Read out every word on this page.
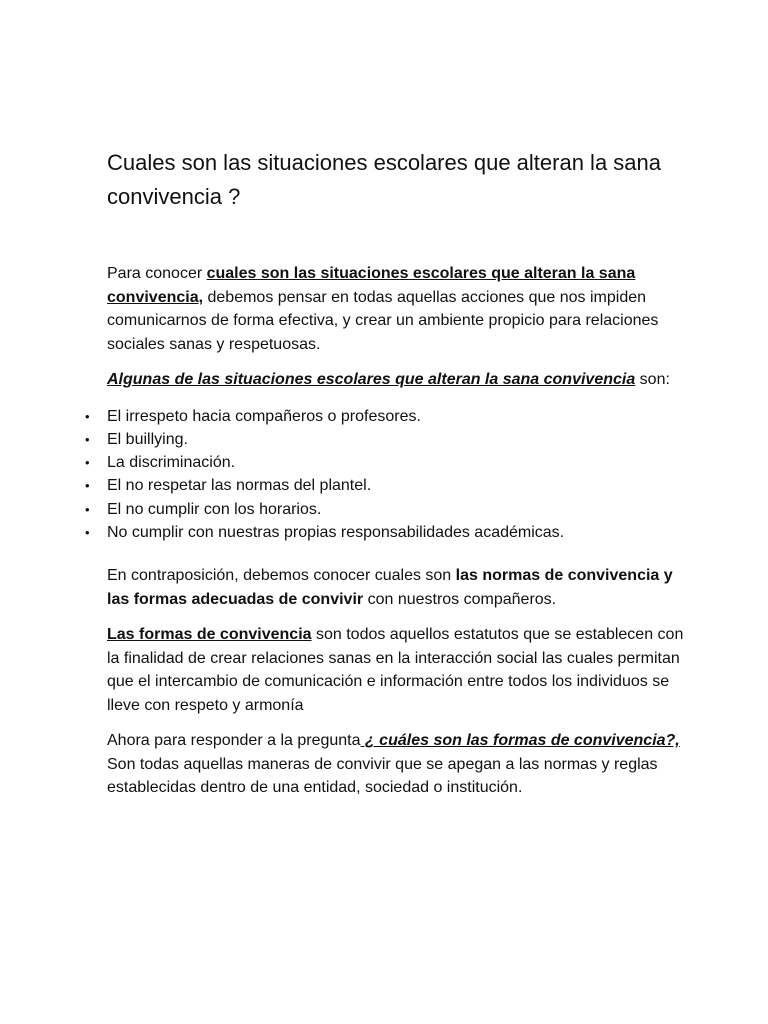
Cuales son las situaciones escolares que alteran la sana convivencia ?

Para conocer cuales son las situaciones escolares que alteran la sana convivencia, debemos pensar en todas aquellas acciones que nos impiden comunicarnos de forma efectiva, y crear un ambiente propicio para relaciones sociales sanas y respetuosas.

Algunas de las situaciones escolares que alteran la sana convivencia son:

• El irrespeto hacia compañeros o profesores.
• El buillying.
• La discriminación.
• El no respetar las normas del plantel.
• El no cumplir con los horarios.
• No cumplir con nuestras propias responsabilidades académicas.

En contraposición, debemos conocer cuales son las normas de convivencia y las formas adecuadas de convivir con nuestros compañeros.

Las formas de convivencia son todos aquellos estatutos que se establecen con la finalidad de crear relaciones sanas en la interacción social las cuales permitan que el intercambio de comunicación e información entre todos los individuos se lleve con respeto y armonía

Ahora para responder a la pregunta ¿ cuáles son las formas de convivencia?, Son todas aquellas maneras de convivir que se apegan a las normas y reglas establecidas dentro de una entidad, sociedad o institución.
